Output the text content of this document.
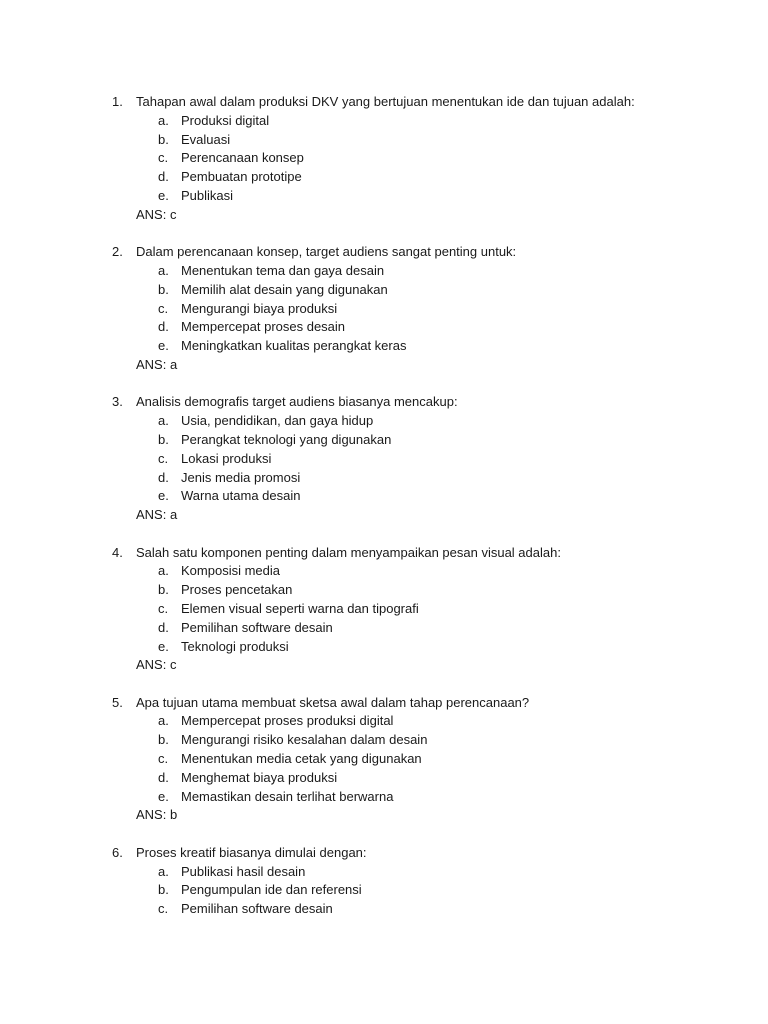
1. Tahapan awal dalam produksi DKV yang bertujuan menentukan ide dan tujuan adalah:
a. Produksi digital
b. Evaluasi
c. Perencanaan konsep
d. Pembuatan prototipe
e. Publikasi
ANS: c
2. Dalam perencanaan konsep, target audiens sangat penting untuk:
a. Menentukan tema dan gaya desain
b. Memilih alat desain yang digunakan
c. Mengurangi biaya produksi
d. Mempercepat proses desain
e. Meningkatkan kualitas perangkat keras
ANS: a
3. Analisis demografis target audiens biasanya mencakup:
a. Usia, pendidikan, dan gaya hidup
b. Perangkat teknologi yang digunakan
c. Lokasi produksi
d. Jenis media promosi
e. Warna utama desain
ANS: a
4. Salah satu komponen penting dalam menyampaikan pesan visual adalah:
a. Komposisi media
b. Proses pencetakan
c. Elemen visual seperti warna dan tipografi
d. Pemilihan software desain
e. Teknologi produksi
ANS: c
5. Apa tujuan utama membuat sketsa awal dalam tahap perencanaan?
a. Mempercepat proses produksi digital
b. Mengurangi risiko kesalahan dalam desain
c. Menentukan media cetak yang digunakan
d. Menghemat biaya produksi
e. Memastikan desain terlihat berwarna
ANS: b
6. Proses kreatif biasanya dimulai dengan:
a. Publikasi hasil desain
b. Pengumpulan ide dan referensi
c. Pemilihan software desain
